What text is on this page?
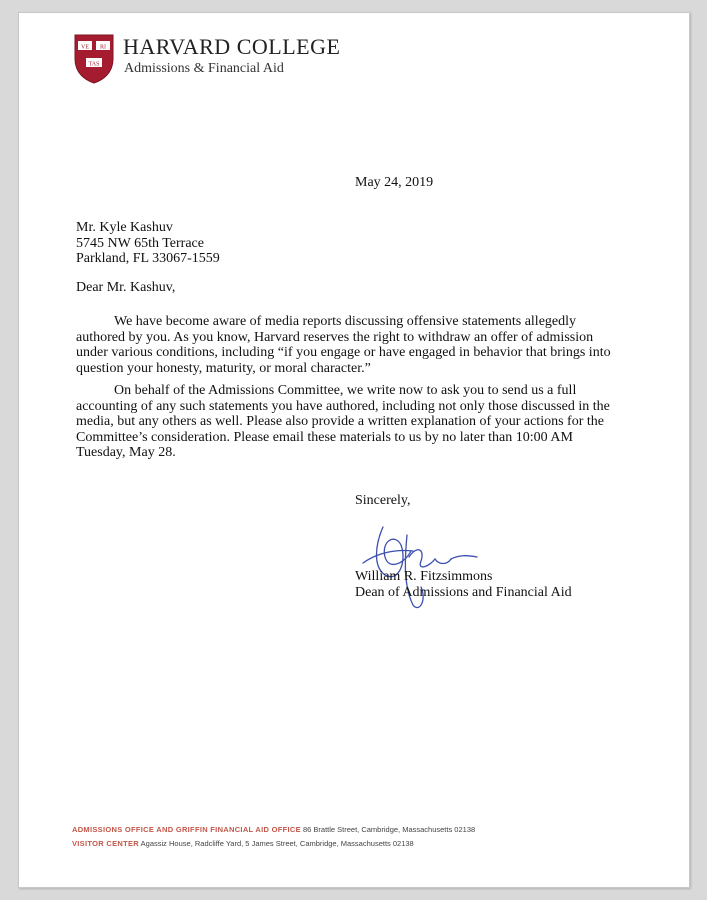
VE RI
TAS
HARVARD COLLEGE
Admissions & Financial Aid
May 24, 2019
Mr. Kyle Kashuv
5745 NW 65th Terrace
Parkland, FL 33067-1559
Dear Mr. Kashuv,

We have become aware of media reports discussing offensive statements allegedly authored by you. As you know, Harvard reserves the right to withdraw an offer of admission under various conditions, including “if you engage or have engaged in behavior that brings into question your honesty, maturity, or moral character.”

On behalf of the Admissions Committee, we write now to ask you to send us a full accounting of any such statements you have authored, including not only those discussed in the media, but any others as well. Please also provide a written explanation of your actions for the Committee’s consideration. Please email these materials to us by no later than 10:00 AM Tuesday, May 28.

Sincerely,
William R. Fitzsimmons
Dean of Admissions and Financial Aid
ADMISSIONS OFFICE AND GRIFFIN FINANCIAL AID OFFICE 86 Brattle Street, Cambridge, Massachusetts 02138
VISITOR CENTER Agassiz House, Radcliffe Yard, 5 James Street, Cambridge, Massachusetts 02138
